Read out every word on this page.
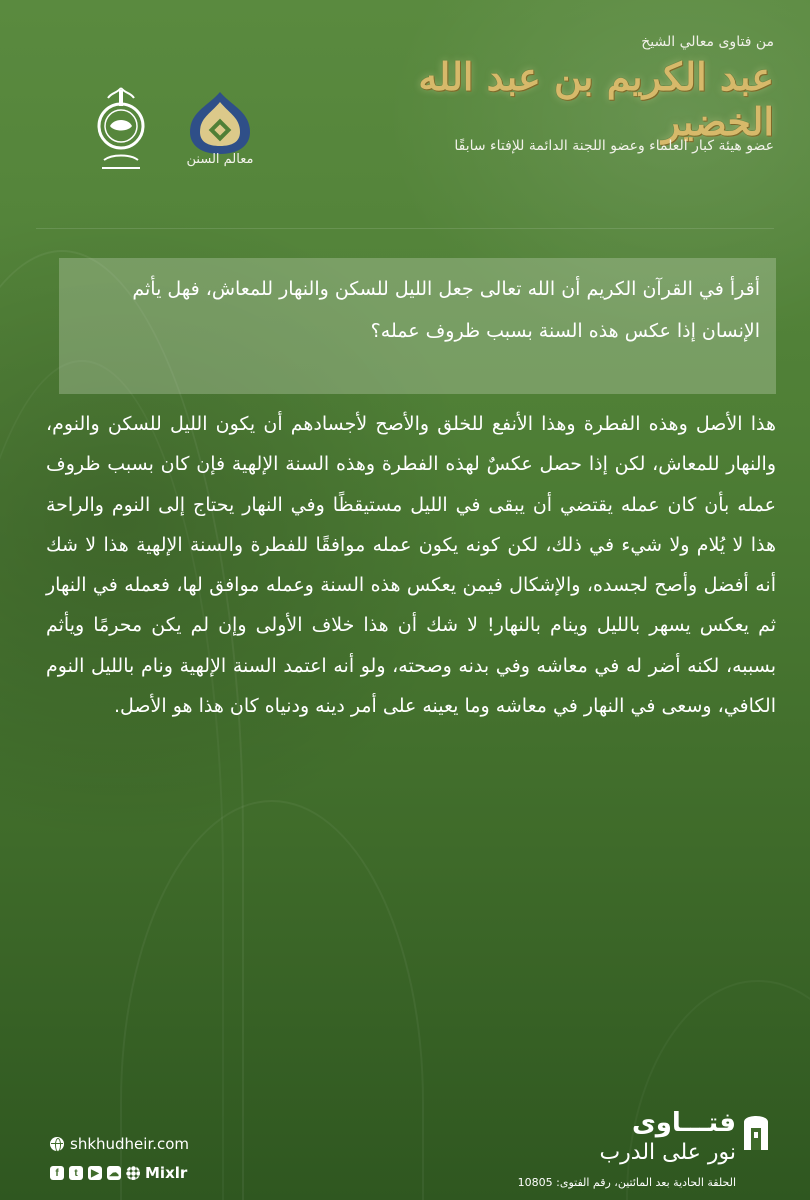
من فتاوى معالي الشيخ
عبد الكريم بن عبد الله الخضير
عضو هيئة كبار العلماء وعضو اللجنة الدائمة للإفتاء سابقًا
معالم السنن
أقرأ في القرآن الكريم أن الله تعالى جعل الليل للسكن والنهار للمعاش، فهل يأثم الإنسان إذا عكس هذه السنة بسبب ظروف عمله؟
هذا الأصل وهذه الفطرة وهذا الأنفع للخلق والأصح لأجسادهم أن يكون الليل للسكن والنوم، والنهار للمعاش، لكن إذا حصل عكسٌ لهذه الفطرة وهذه السنة الإلهية فإن كان بسبب ظروف عمله بأن كان عمله يقتضي أن يبقى في الليل مستيقظًا وفي النهار يحتاج إلى النوم والراحة هذا لا يُلام ولا شيء في ذلك، لكن كونه يكون عمله موافقًا للفطرة والسنة الإلهية هذا لا شك أنه أفضل وأصح لجسده، والإشكال فيمن يعكس هذه السنة وعمله موافق لها، فعمله في النهار ثم يعكس يسهر بالليل وينام بالنهار! لا شك أن هذا خلاف الأولى وإن لم يكن محرمًا ويأثم بسببه، لكنه أضر له في معاشه وفي بدنه وصحته، ولو أنه اعتمد السنة الإلهية ونام بالليل النوم الكافي، وسعى في النهار في معاشه وما يعينه على أمر دينه ودنياه كان هذا هو الأصل.
shkhudheir.com
f	t	▶	☁ Mixlr
فتـــاوى
نور على الدرب
الحلقة الحادية بعد المائتين، رقم الفتوى: 10805
